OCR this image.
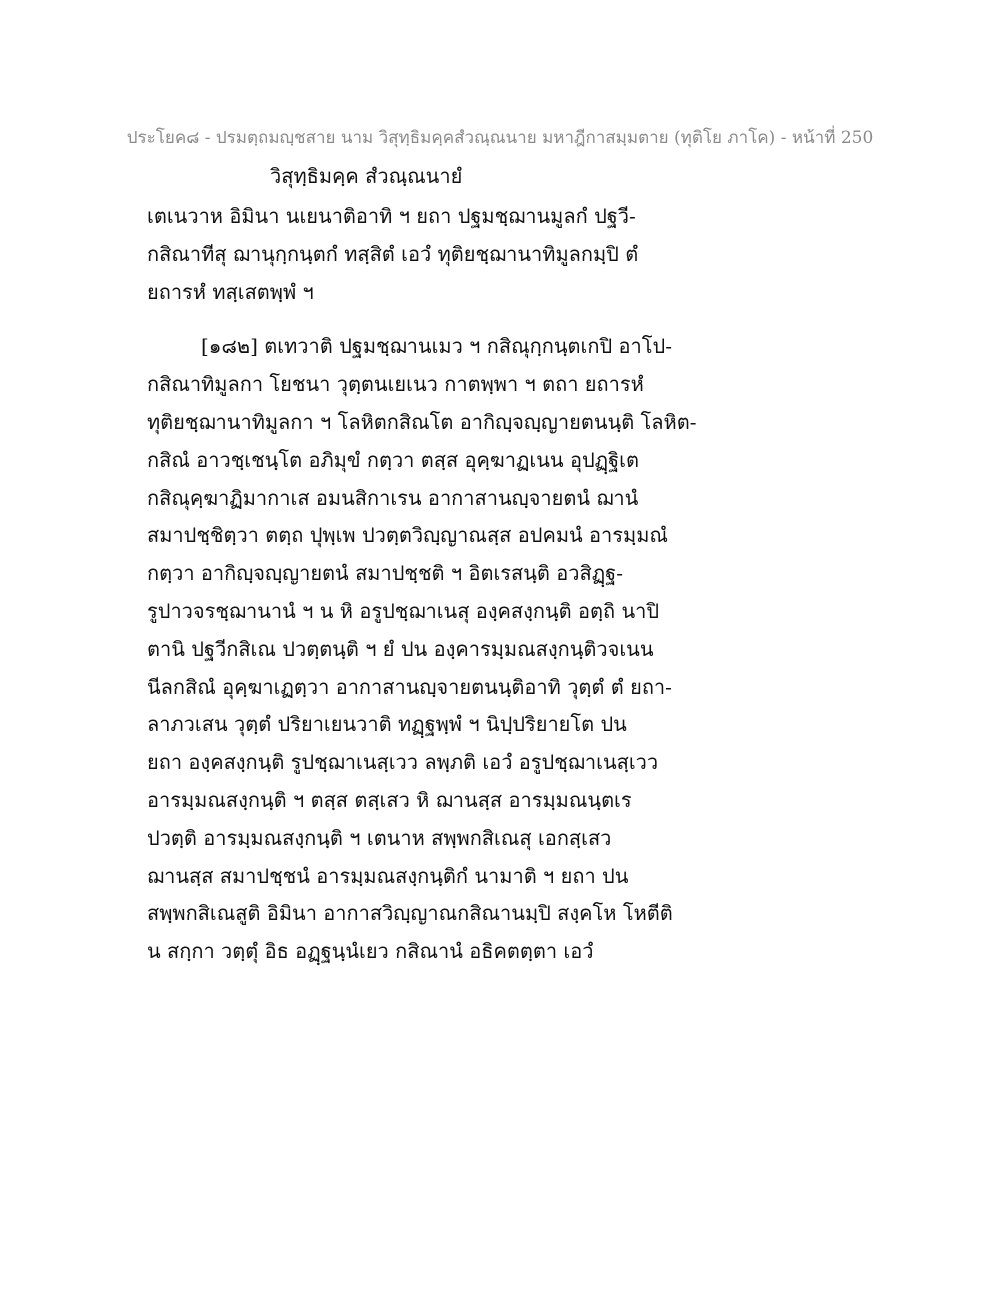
ประโยค๘ - ปรมตฺถมญฺชสาย นาม วิสุทฺธิมคฺคสํวณฺณนาย มหาฎีกาสมฺมตาย (ทุติโย ภาโค) - หน้าที่ 250
วิสุทฺธิมคฺค สํวณฺณนายํ
เตเนวาห อิมินา นเยนาติอาทิ ฯ ยถา ปฐมชฺฌานมูลกํ ปฐวี-
กสิณาทีสุ ฌานุกฺกนฺตกํ ทสฺสิตํ เอวํ ทุติยชฺฌานาทิมูลกมฺปิ ตํ
ยถารหํ ทสฺเสตพฺพํ ฯ
[๑๘๒] ตเทวาติ ปฐมชฺฌานเมว ฯ กสิณุกฺกนฺตเกปิ อาโป-
กสิณาทิมูลกา โยชนา วุตฺตนเยเนว กาตพฺพา ฯ ตถา ยถารหํ
ทุติยชฺฌานาทิมูลกา ฯ โลหิตกสิณโต อากิญฺจญฺญายตนนฺติ โลหิต-
กสิณํ อาวชฺเชนฺโต อภิมุขํ กตฺวา ตสฺส อุคฺฆาฏเนน อุปฏฺฐิเต
กสิณุคฺฆาฏิมากาเส อมนสิกาเรน อากาสานญฺจายตนํ ฌานํ
สมาปชฺชิตฺวา ตตฺถ ปุพฺเพ ปวตฺตวิญฺญาณสฺส อปคมนํ อารมฺมณํ
กตฺวา อากิญฺจญฺญายตนํ สมาปชฺชติ ฯ อิตเรสนฺติ อวสิฏฺฐ-
รูปาวจรชฺฌานานํ ฯ น หิ อรูปชฺฌาเนสุ องฺคสงฺกนฺติ อตฺถิ นาปิ
ตานิ ปฐวีกสิเณ ปวตฺตนฺติ ฯ ยํ ปน องฺคารมฺมณสงฺกนฺติวจเนน
นีลกสิณํ อุคฺฆาเฏตฺวา อากาสานญฺจายตนนฺติอาทิ วุตฺตํ ตํ ยถา-
ลาภวเสน วุตฺตํ ปริยาเยนวาติ ทฏฺฐพฺพํ ฯ นิปฺปริยายโต ปน
ยถา องฺคสงฺกนฺติ รูปชฺฌาเนสฺเวว ลพฺภติ เอวํ อรูปชฺฌาเนสฺเวว
อารมฺมณสงฺกนฺติ ฯ ตสฺส ตสฺเสว หิ ฌานสฺส อารมฺมณนฺตเร
ปวตฺติ อารมฺมณสงฺกนฺติ ฯ เตนาห สพฺพกสิเณสุ เอกสฺเสว
ฌานสฺส สมาปชฺชนํ อารมฺมณสงฺกนฺติกํ นามาติ ฯ ยถา ปน
สพฺพกสิเณสูติ อิมินา อากาสวิญฺญาณกสิณานมฺปิ สงฺคโห โหตีติ
น สกฺกา วตฺตุํ อิธ อฏฺฐนฺนํเยว กสิณานํ อธิคตตฺตา เอวํ
